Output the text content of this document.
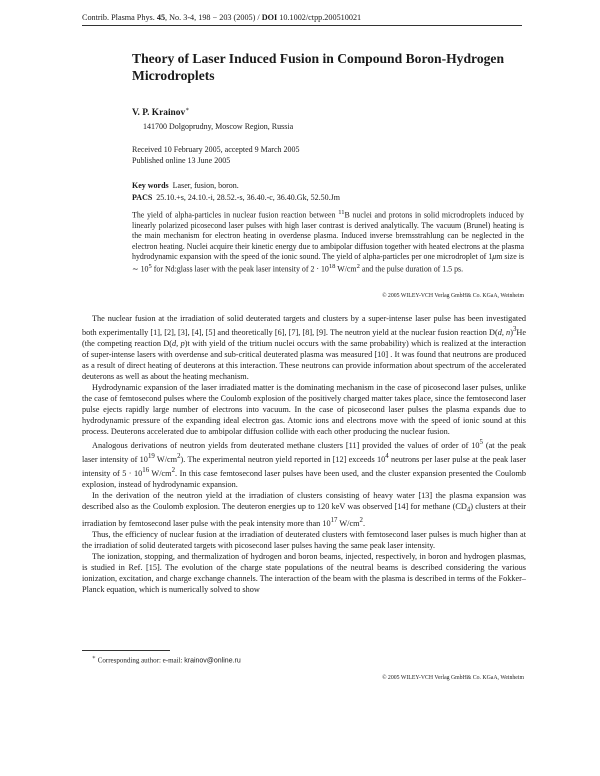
Contrib. Plasma Phys. 45, No. 3-4, 198 − 203 (2005) / DOI 10.1002/ctpp.200510021
Theory of Laser Induced Fusion in Compound Boron-Hydrogen Microdroplets
V. P. Krainov∗
141700 Dolgoprudny, Moscow Region, Russia
Received 10 February 2005, accepted 9 March 2005
Published online 13 June 2005
Key words Laser, fusion, boron.
PACS 25.10.+s, 24.10.-i, 28.52.-s, 36.40.-c, 36.40.Gk, 52.50.Jm
The yield of alpha-particles in nuclear fusion reaction between $^{11}$B nuclei and protons in solid microdroplets induced by linearly polarized picosecond laser pulses with high laser contrast is derived analytically. The vacuum (Brunel) heating is the main mechanism for electron heating in overdense plasma. Induced inverse bremsstrahlung can be neglected in the electron heating. Nuclei acquire their kinetic energy due to ambipolar diffusion together with heated electrons at the plasma hydrodynamic expansion with the speed of the ionic sound. The yield of alpha-particles per one microdroplet of 1μm size is ∼ $10^5$ for Nd:glass laser with the peak laser intensity of $2 \cdot 10^{18}$ $W/cm^2$ and the pulse duration of 1.5 ps.
© 2005 WILEY-VCH Verlag GmbH& Co. KGaA, Weinheim

The nuclear fusion at the irradiation of solid deuterated targets and clusters by a super-intense laser pulse has been investigated both experimentally [1], [2], [3], [4], [5] and theoretically [6], [7], [8], [9]. The neutron yield at the nuclear fusion reaction D(d, n)$^3$He (the competing reaction D(d, p)t with yield of the tritium nuclei occurs with the same probability) which is realized at the interaction of super-intense lasers with overdense and sub-critical deuterated plasma was measured [10] . It was found that neutrons are produced as a result of direct heating of deuterons at this interaction. These neutrons can provide information about spectrum of the accelerated deuterons as well as about the heating mechanism.

Hydrodynamic expansion of the laser irradiated matter is the dominating mechanism in the case of picosecond laser pulses, unlike the case of femtosecond pulses where the Coulomb explosion of the positively charged matter takes place, since the femtosecond laser pulse ejects rapidly large number of electrons into vacuum. In the case of picosecond laser pulses the plasma expands due to hydrodynamic pressure of the expanding ideal electron gas. Atomic ions and electrons move with the speed of ionic sound at this process. Deuterons accelerated due to ambipolar diffusion collide with each other producing the nuclear fusion.

Analogous derivations of neutron yields from deuterated methane clusters [11] provided the values of order of $10^5$ (at the peak laser intensity of $10^{19}$ $W/cm^2$). The experimental neutron yield reported in [12] exceeds $10^4$ neutrons per laser pulse at the peak laser intensity of $5 \cdot 10^{16}$ $W/cm^2$. In this case femtosecond laser pulses have been used, and the cluster expansion presented the Coulomb explosion, instead of hydrodynamic expansion.

In the derivation of the neutron yield at the irradiation of clusters consisting of heavy water [13] the plasma expansion was described also as the Coulomb explosion. The deuteron energies up to 120 keV was observed [14] for methane $(CD_4)$ clusters at their irradiation by femtosecond laser pulse with the peak intensity more than $10^{17}$ $W/cm^2$.

Thus, the efficiency of nuclear fusion at the irradiation of deuterated clusters with femtosecond laser pulses is much higher than at the irradiation of solid deuterated targets with picosecond laser pulses having the same peak laser intensity.

The ionization, stopping, and thermalization of hydrogen and boron beams, injected, respectively, in boron and hydrogen plasmas, is studied in Ref. [15]. The evolution of the charge state populations of the neutral beams is described considering the various ionization, excitation, and charge exchange channels. The interaction of the beam with the plasma is described in terms of the Fokker–Planck equation, which is numerically solved to show

∗ Corresponding author: e-mail: krainov@online.ru
© 2005 WILEY-VCH Verlag GmbH& Co. KGaA, Weinheim
